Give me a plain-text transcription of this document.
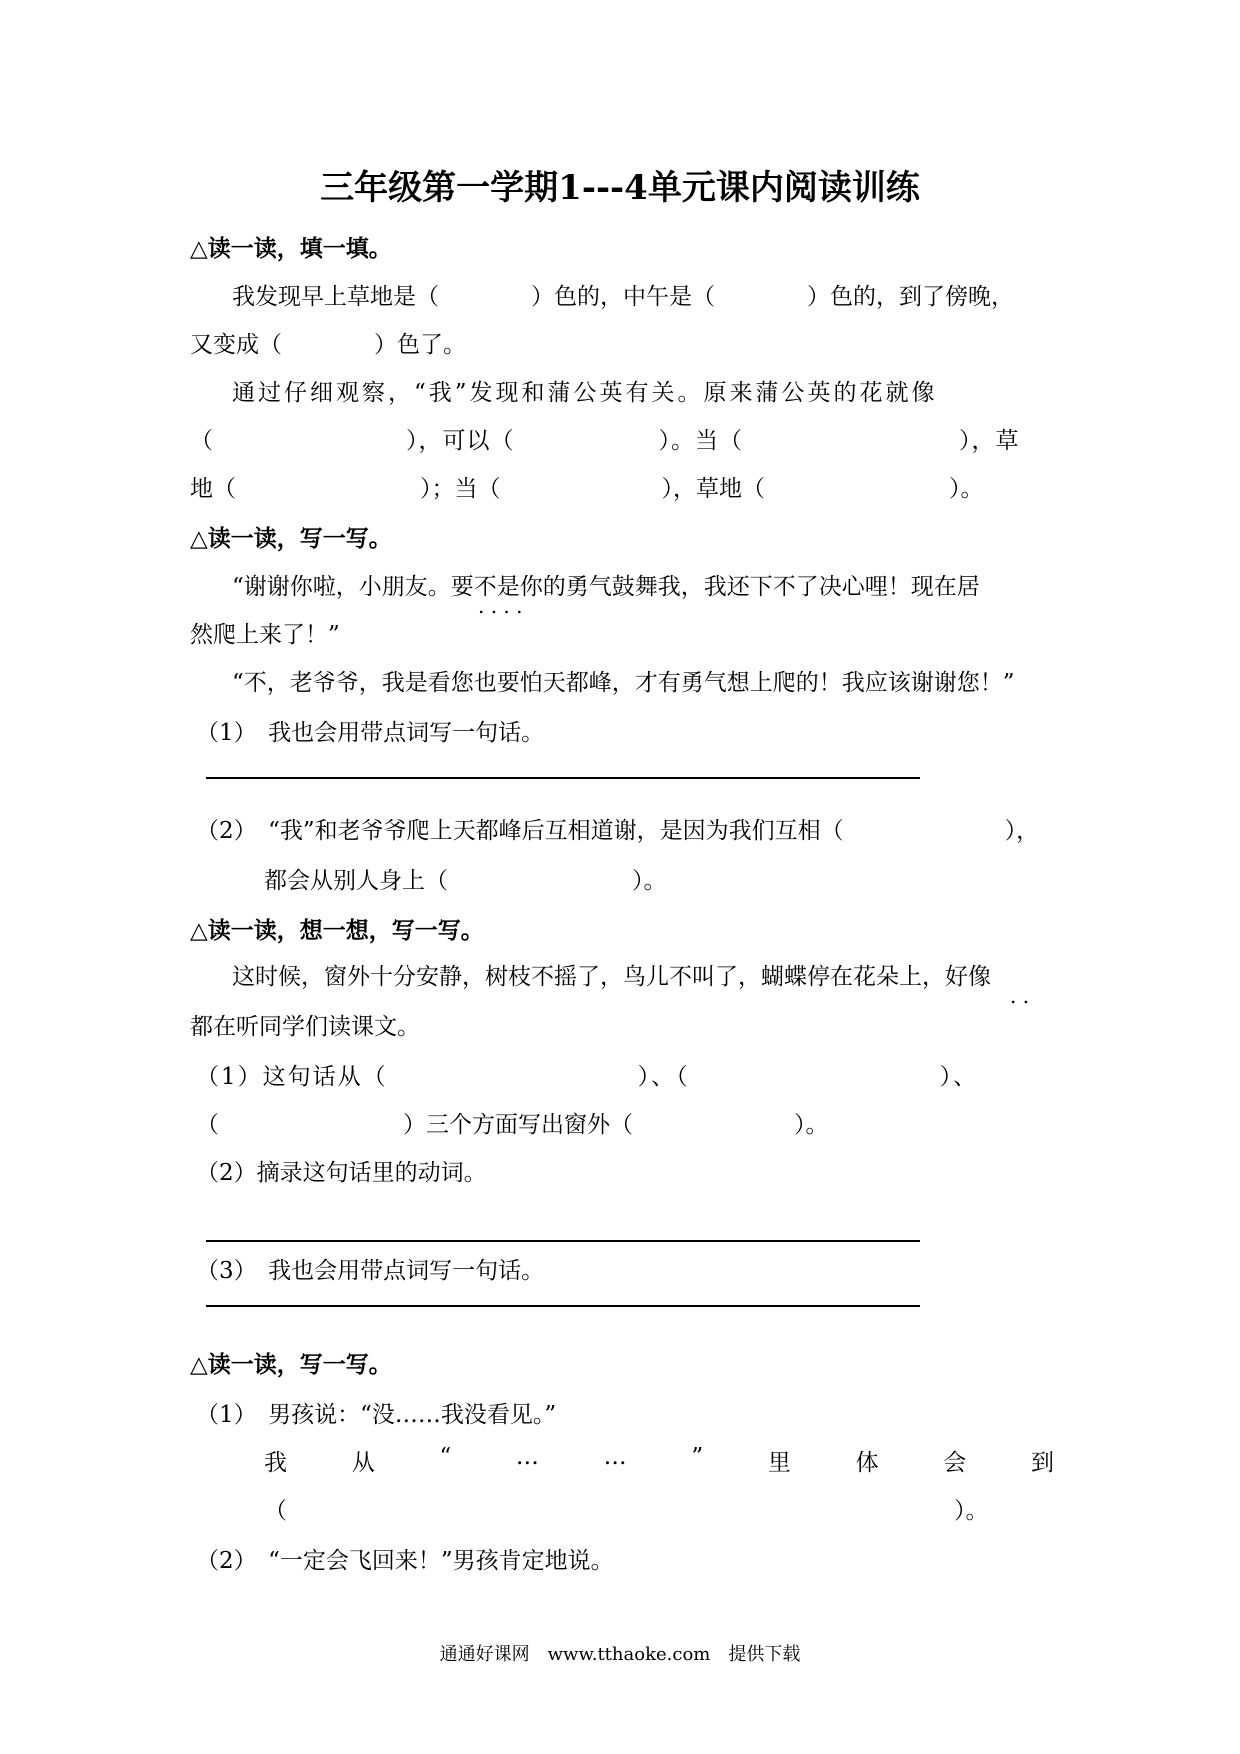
三年级第一学期1---4单元课内阅读训练
△读一读，填一填。
我发现早上草地是（　　　　）色的，中午是（　　　　）色的，到了傍晚，
又变成（　　　　）色了。
通过仔细观察，“我”发现和蒲公英有关。原来蒲公英的花就像
（　　　　　　　　），可以（　　　　　　）。当（　　　　　　　　　），草
地（　　　　　　　　）；当（　　　　　　　），草地（　　　　　　　　）。
△读一读，写一写。
“谢谢你啦，小朋友。要不是你的勇气鼓舞我，我还下不了决心哩！现在居
. . . .
然爬上来了！”
“不，老爷爷，我是看您也要怕天都峰，才有勇气想上爬的！我应该谢谢您！”
（1）　我也会用带点词写一句话。
（2）　“我”和老爷爷爬上天都峰后互相道谢，是因为我们互相（　　　　　　　），
都会从别人身上（　　　　　　　　）。
△读一读，想一想，写一写。
这时候，窗外十分安静，树枝不摇了，鸟儿不叫了，蝴蝶停在花朵上，好像
. .
都在听同学们读课文。
（1）这句话从（　　　　　　　　　　）、（　　　　　　　　　　）、
（　　　　　　　　）三个方面写出窗外（　　　　　　　）。
（2）摘录这句话里的动词。
（3）　我也会用带点词写一句话。
△读一读，写一写。
（1）　男孩说：“没……我没看见。”
我	从	“	…	…	”	里	体	会	到
（　　　　　　　　　　　　　　　　　　　　　　　　　　　　　）。
（2）　“一定会飞回来！”男孩肯定地说。
通通好课网　www.tthaoke.com　提供下载
